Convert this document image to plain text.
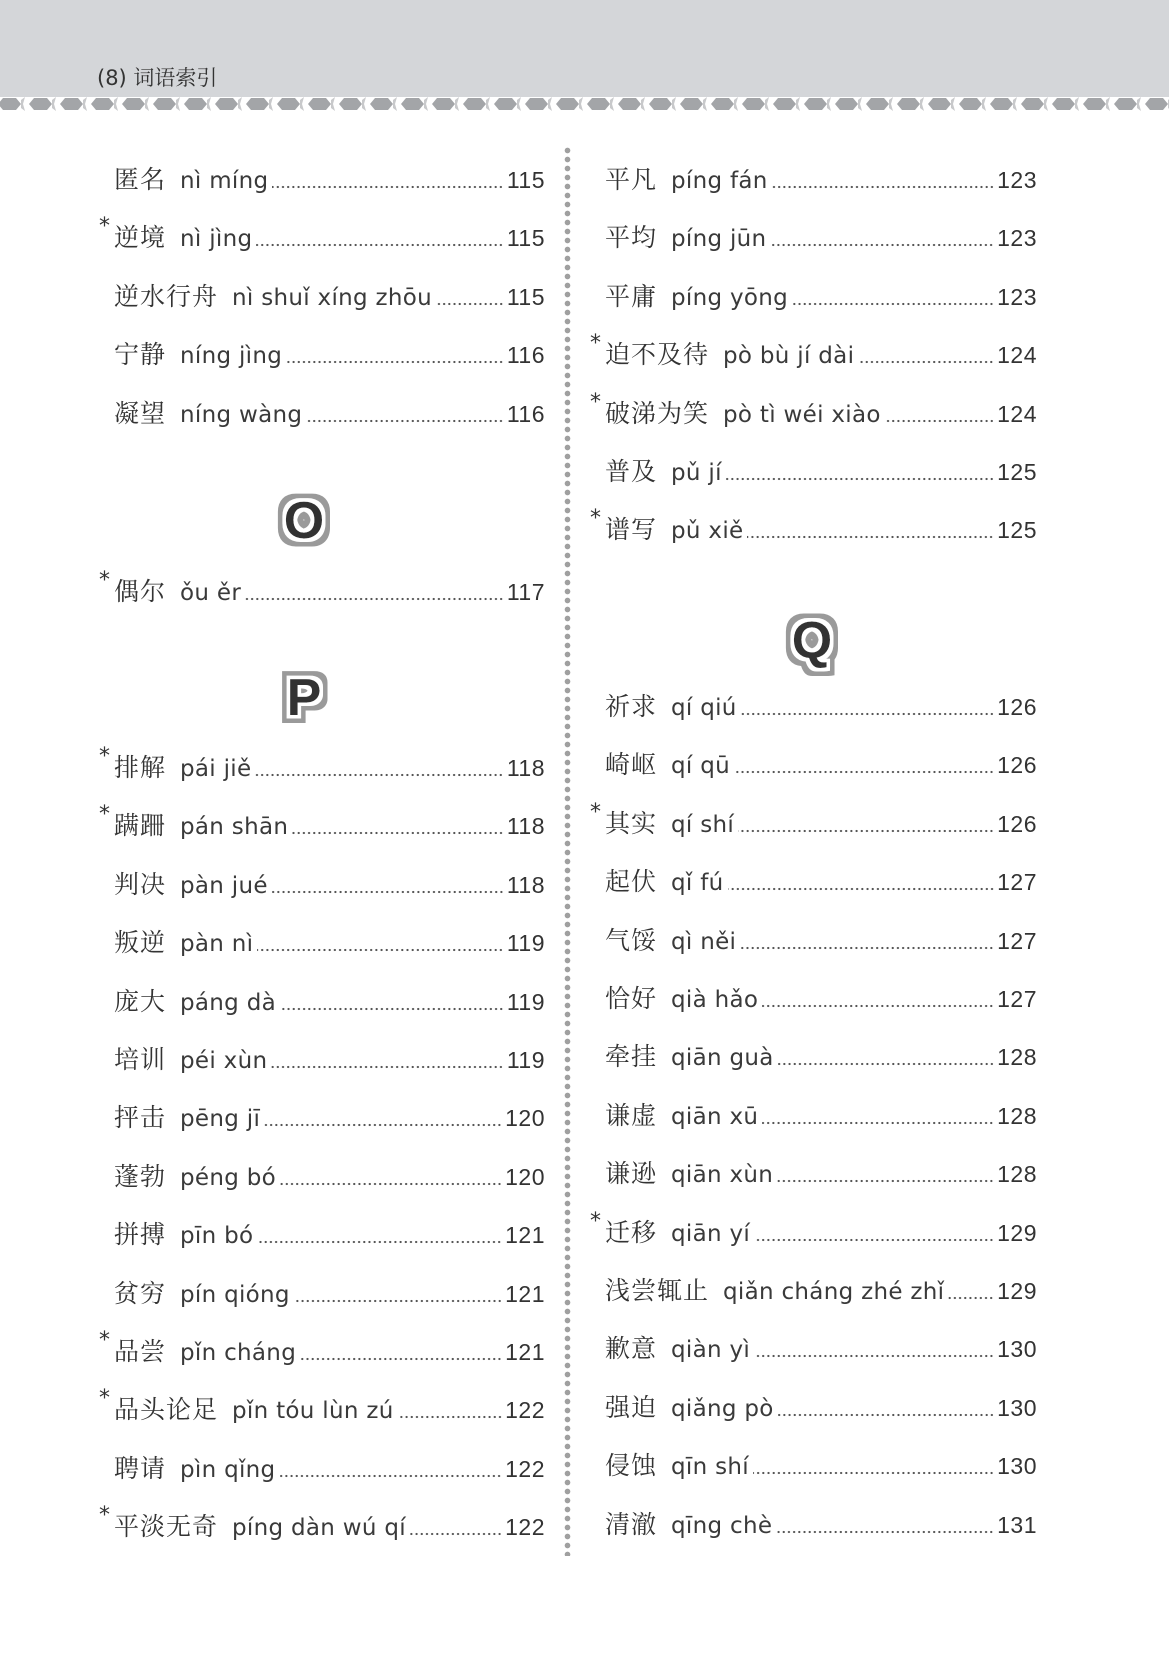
(8) 词语索引
匿名 nì míng	115
* 逆境 nì jìng	115
逆水行舟 nì shuǐ xíng zhōu	115
宁静 níng jìng	116
凝望 níng wàng	116
O
* 偶尔 ǒu ěr	117
P
* 排解 pái jiě	118
* 蹒跚 pán shān	118
判决 pàn jué	118
叛逆 pàn nì	119
庞大 páng dà	119
培训 péi xùn	119
抨击 pēng jī	120
蓬勃 péng bó	120
拼搏 pīn bó	121
贫穷 pín qióng	121
* 品尝 pǐn cháng	121
* 品头论足 pǐn tóu lùn zú	122
聘请 pìn qǐng	122
* 平淡无奇 píng dàn wú qí	122
平凡 píng fán	123
平均 píng jūn	123
平庸 píng yōng	123
* 迫不及待 pò bù jí dài	124
* 破涕为笑 pò tì wéi xiào	124
普及 pǔ jí	125
* 谱写 pǔ xiě	125
Q
祈求 qí qiú	126
崎岖 qí qū	126
* 其实 qí shí	126
起伏 qǐ fú	127
气馁 qì něi	127
恰好 qià hǎo	127
牵挂 qiān guà	128
谦虚 qiān xū	128
谦逊 qiān xùn	128
* 迁移 qiān yí	129
浅尝辄止 qiǎn cháng zhé zhǐ 129
歉意 qiàn yì	130
强迫 qiǎng pò	130
侵蚀 qīn shí	130
清澈 qīng chè	131
